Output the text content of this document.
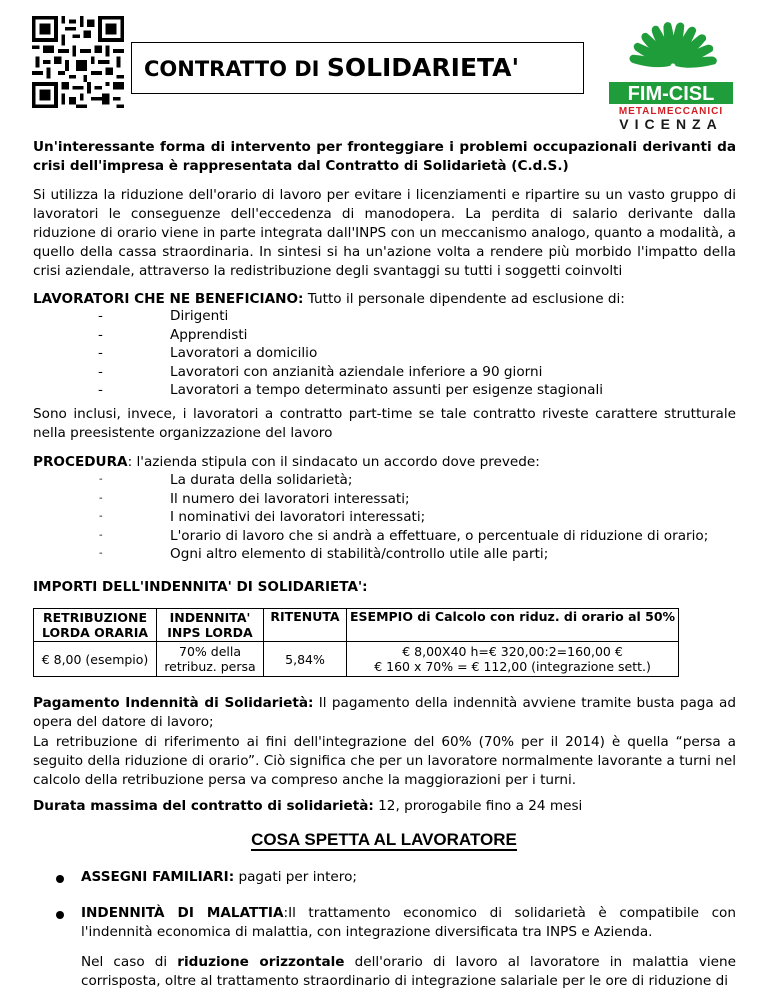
CONTRATTO DI SOLIDARIETA'
FIM-CISL
METALMECCANICI
VICENZA
Un'interessante forma di intervento per fronteggiare i problemi occupazionali derivanti da crisi dell'impresa è rappresentata dal Contratto di Solidarietà (C.d.S.)
Si utilizza la riduzione dell'orario di lavoro per evitare i licenziamenti e ripartire su un vasto gruppo di lavoratori le conseguenze dell'eccedenza di manodopera. La perdita di salario derivante dalla riduzione di orario viene in parte integrata dall'INPS con un meccanismo analogo, quanto a modalità, a quello della cassa straordinaria. In sintesi si ha un'azione volta a rendere più morbido l'impatto della crisi aziendale, attraverso la redistribuzione degli svantaggi su tutti i soggetti coinvolti
LAVORATORI CHE NE BENEFICIANO: Tutto il personale dipendente ad esclusione di:
-	Dirigenti
-	Apprendisti
-	Lavoratori a domicilio
-	Lavoratori con anzianità aziendale inferiore a 90 giorni
-	Lavoratori a tempo determinato assunti per esigenze stagionali
Sono inclusi, invece, i lavoratori a contratto part-time se tale contratto riveste carattere strutturale nella preesistente organizzazione del lavoro
PROCEDURA: l'azienda stipula con il sindacato un accordo dove prevede:
-	La durata della solidarietà;
-	Il numero dei lavoratori interessati;
-	I nominativi dei lavoratori interessati;
-	L'orario di lavoro che si andrà a effettuare, o percentuale di riduzione di orario;
-	Ogni altro elemento di stabilità/controllo utile alle parti;
IMPORTI DELL'INDENNITA' DI SOLIDARIETA':
RETRIBUZIONE LORDA ORARIA	INDENNITA' INPS LORDA	RITENUTA	ESEMPIO di Calcolo con riduz. di orario al 50%
€ 8,00 (esempio)	70% della retribuz. persa	5,84%	€ 8,00X40 h=€ 320,00:2=160,00 €
€ 160 x 70% = € 112,00 (integrazione sett.)
Pagamento Indennità di Solidarietà: Il pagamento della indennità avviene tramite busta paga ad opera del datore di lavoro;
La retribuzione di riferimento ai fini dell'integrazione del 60% (70% per il 2014) è quella “persa a seguito della riduzione di orario”. Ciò significa che per un lavoratore normalmente lavorante a turni nel calcolo della retribuzione persa va compreso anche la maggiorazioni per i turni.
Durata massima del contratto di solidarietà: 12, prorogabile fino a 24 mesi
COSA SPETTA AL LAVORATORE
ASSEGNI FAMILIARI: pagati per intero;
INDENNITÀ DI MALATTIA:Il trattamento economico di solidarietà è compatibile con l'indennità economica di malattia, con integrazione diversificata tra INPS e Azienda.
Nel caso di riduzione orizzontale dell'orario di lavoro al lavoratore in malattia viene corrisposta, oltre al trattamento straordinario di integrazione salariale per le ore di riduzione di
